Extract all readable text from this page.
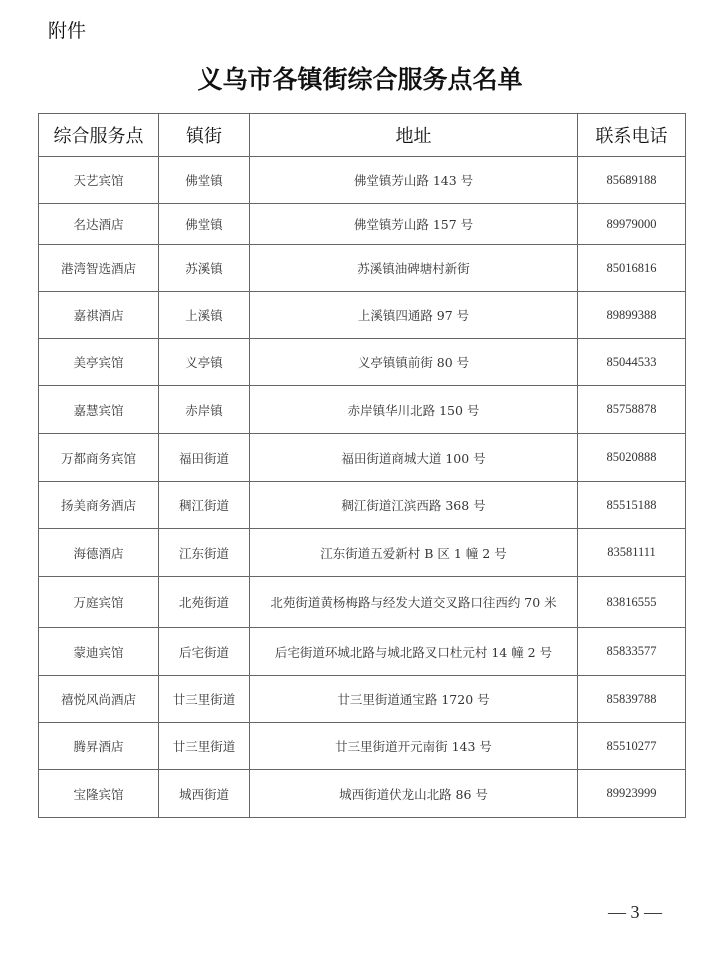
附件
义乌市各镇街综合服务点名单
综合服务点	镇街	地址	联系电话
天艺宾馆	佛堂镇	佛堂镇芳山路 143 号	85689188
名达酒店	佛堂镇	佛堂镇芳山路 157 号	89979000
港湾智选酒店	苏溪镇	苏溪镇油碑塘村新街	85016816
嘉祺酒店	上溪镇	上溪镇四通路 97 号	89899388
美亭宾馆	义亭镇	义亭镇镇前街 80 号	85044533
嘉慧宾馆	赤岸镇	赤岸镇华川北路 150 号	85758878
万都商务宾馆	福田街道	福田街道商城大道 100 号	85020888
扬美商务酒店	稠江街道	稠江街道江滨西路 368 号	85515188
海德酒店	江东街道	江东街道五爱新村 B 区 1 幢 2 号	83581111
万庭宾馆	北苑街道	北苑街道黄杨梅路与经发大道交叉路口往西约 70 米	83816555
蒙迪宾馆	后宅街道	后宅街道环城北路与城北路叉口杜元村 14 幢 2 号	85833577
禧悦风尚酒店	廿三里街道	廿三里街道通宝路 1720 号	85839788
腾昇酒店	廿三里街道	廿三里街道开元南街 143 号	85510277
宝隆宾馆	城西街道	城西街道伏龙山北路 86 号	89923999
— 3 —
